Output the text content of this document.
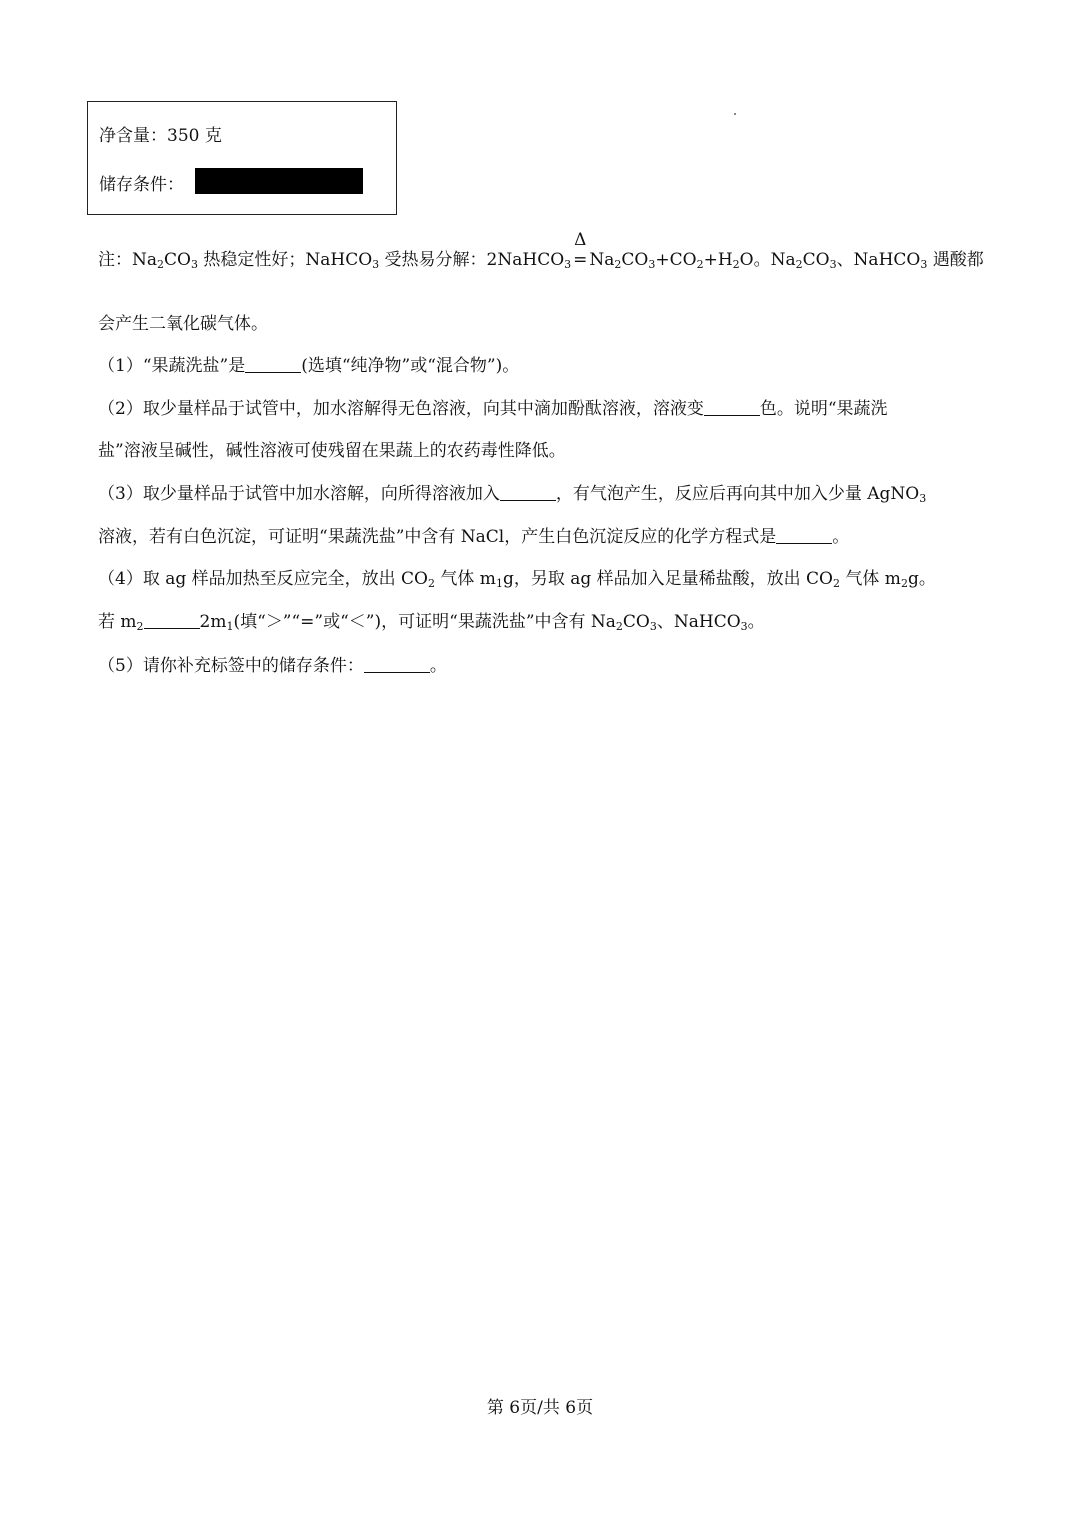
净含量：350 克
储存条件：
注：$Na_2CO_3$ 热稳定性好；NaHCO$_3$ 受热易分解：2NaHCO$_3$
Δ
= $Na_2CO_3+CO_2+H_2O$。$Na_2CO_3$、NaHCO$_3$ 遇酸都
会产生二氧化碳气体。
（1）“果蔬洗盐”是	(选填“纯净物”或“混合物”)。
（2）取少量样品于试管中，加水溶解得无色溶液，向其中滴加酚酞溶液，溶液变	色。说明“果蔬洗
盐”溶液呈碱性，碱性溶液可使残留在果蔬上的农药毒性降低。
（3）取少量样品于试管中加水溶解，向所得溶液加入	，有气泡产生，反应后再向其中加入少量 AgNO$_3$
溶液，若有白色沉淀，可证明“果蔬洗盐”中含有 NaCl，产生白色沉淀反应的化学方程式是	。
（4）取 ag 样品加热至反应完全，放出 $CO_2$ 气体 $m_1g$，另取 ag 样品加入足量稀盐酸，放出 $CO_2$ 气体 $m_2g$。
若 $m_2$	$2m_1$(填“＞”“=”或“＜”)，可证明“果蔬洗盐”中含有 $Na_2CO_3$、NaHCO$_3$。
（5）请你补充标签中的储存条件：	。
第 6页/共 6页
